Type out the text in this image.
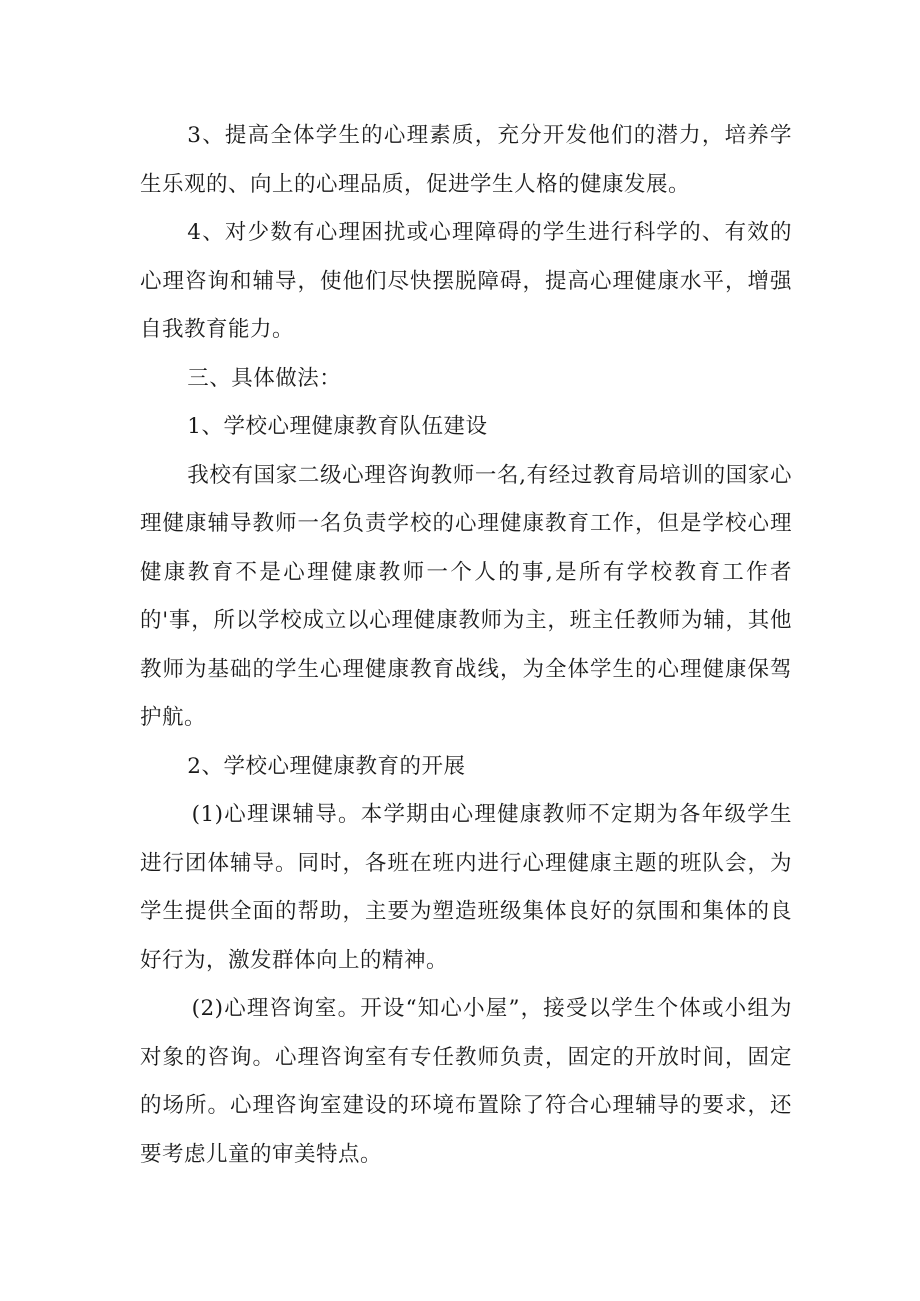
3、提高全体学生的心理素质，充分开发他们的潜力，培养学生乐观的、向上的心理品质，促进学生人格的健康发展。

4、对少数有心理困扰或心理障碍的学生进行科学的、有效的心理咨询和辅导，使他们尽快摆脱障碍，提高心理健康水平，增强自我教育能力。

三、具体做法：

1、学校心理健康教育队伍建设

我校有国家二级心理咨询教师一名,有经过教育局培训的国家心理健康辅导教师一名负责学校的心理健康教育工作，但是学校心理健康教育不是心理健康教师一个人的事,是所有学校教育工作者的'事，所以学校成立以心理健康教师为主，班主任教师为辅，其他教师为基础的学生心理健康教育战线，为全体学生的心理健康保驾护航。

2、学校心理健康教育的开展

(1)心理课辅导。本学期由心理健康教师不定期为各年级学生进行团体辅导。同时，各班在班内进行心理健康主题的班队会，为学生提供全面的帮助，主要为塑造班级集体良好的氛围和集体的良好行为，激发群体向上的精神。

(2)心理咨询室。开设“知心小屋”，接受以学生个体或小组为对象的咨询。心理咨询室有专任教师负责，固定的开放时间，固定的场所。心理咨询室建设的环境布置除了符合心理辅导的要求，还要考虑儿童的审美特点。
